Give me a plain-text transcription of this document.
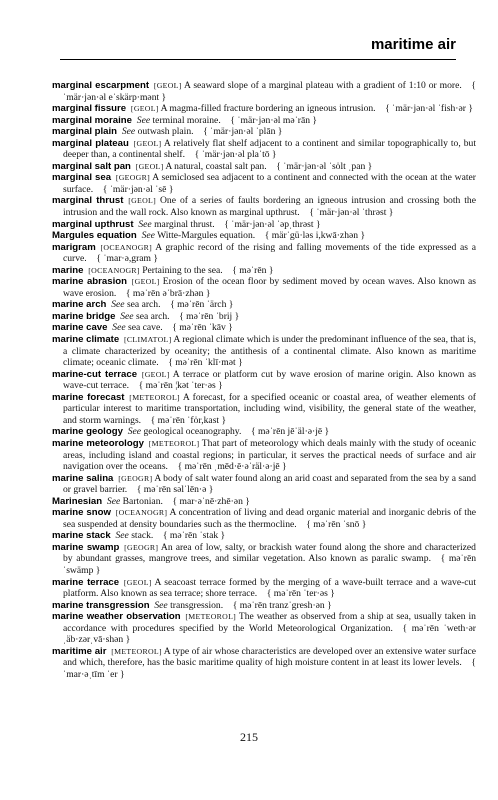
maritime air

marginal escarpment  [GEOL] A seaward slope of a marginal plateau with a gradient of 1:10 or more.  { ˈmär·jən·əl eˈskärp·mənt }

marginal fissure  [GEOL] A magma-filled fracture bordering an igneous intrusion.  { ˈmär·jən·əl ˈfish·ər }

marginal moraine  See terminal moraine.  { ˈmär·jən·əl məˈrān }

marginal plain  See outwash plain.  { ˈmär·jən·əl ˈplān }

marginal plateau  [GEOL] A relatively flat shelf adjacent to a continent and similar topographically to, but deeper than, a continental shelf.  { ˈmär·jən·əl plaˈtō }

marginal salt pan  [GEOL] A natural, coastal salt pan.  { ˈmär·jən·əl ˈsȯlt ˌpan }

marginal sea  [GEOGR] A semiclosed sea adjacent to a continent and connected with the ocean at the water surface.  { ˈmär·jən·əl ˈsē }

marginal thrust  [GEOL] One of a series of faults bordering an igneous intrusion and crossing both the intrusion and the wall rock. Also known as marginal upthrust.  { ˈmär·jən·əl ˈthrəst }

marginal upthrust  See marginal thrust.  { ˈmär·jən·əl ˈəpˌthrəst }

Margules equation  See Witte-Margules equation.  { märˈgü·ləs i,kwā·zhən }

marigram  [OCEANOGR] A graphic record of the rising and falling movements of the tide expressed as a curve.  { ˈmar·ə,gram }

marine  [OCEANOGR] Pertaining to the sea.  { məˈrēn }

marine abrasion  [GEOL] Erosion of the ocean floor by sediment moved by ocean waves. Also known as wave erosion.  { məˈrēn əˈbrā·zhən }

marine arch  See sea arch.  { məˈrēn ˈärch }

marine bridge  See sea arch.  { məˈrēn ˈbrij }

marine cave  See sea cave.  { məˈrēn ˈkāv }

marine climate  [CLIMATOL] A regional climate which is under the predominant influence of the sea, that is, a climate characterized by oceanity; the antithesis of a continental climate. Also known as maritime climate; oceanic climate.  { məˈrēn ˈklī·mət }

marine-cut terrace  [GEOL] A terrace or platform cut by wave erosion of marine origin. Also known as wave-cut terrace.  { məˈrēn ¦kət ˈter·əs }

marine forecast  [METEOROL] A forecast, for a specified oceanic or coastal area, of weather elements of particular interest to maritime transportation, including wind, visibility, the general state of the weather, and storm warnings.  { məˈrēn ˈfȯr,kast }

marine geology  See geological oceanography.  { məˈrēn jēˈäl·ə·jē }

marine meteorology  [METEOROL] That part of meteorology which deals mainly with the study of oceanic areas, including island and coastal regions; in particular, it serves the practical needs of surface and air navigation over the oceans.  { məˈrēn ˌmēd·ē·əˈräl·ə·jē }

marine salina  [GEOGR] A body of salt water found along an arid coast and separated from the sea by a sand or gravel barrier.  { məˈrēn səlˈlēn·ə }

Marinesian  See Bartonian.  { mar·əˈnē·zhē·ən }

marine snow  [OCEANOGR] A concentration of living and dead organic material and inorganic debris of the sea suspended at density boundaries such as the thermocline.  { məˈrēn ˈsnō }

marine stack  See stack.  { məˈrēn ˈstak }

marine swamp  [GEOGR] An area of low, salty, or brackish water found along the shore and characterized by abundant grasses, mangrove trees, and similar vegetation. Also known as paralic swamp.  { məˈrēn ˈswämp }

marine terrace  [GEOL] A seacoast terrace formed by the merging of a wave-built terrace and a wave-cut platform. Also known as sea terrace; shore terrace.  { məˈrēn ˈter·əs }

marine transgression  See transgression.  { məˈrēn tranzˈgresh·ən }

marine weather observation  [METEOROL] The weather as observed from a ship at sea, usually taken in accordance with procedures specified by the World Meteorological Organization.  { məˈrēn ˈweth·ər ˌäb·zərˌvā·shən }

maritime air  [METEOROL] A type of air whose characteristics are developed over an extensive water surface and which, therefore, has the basic maritime quality of high moisture content in at least its lower levels.  { ˈmar·əˌtīm ˈer }

215
